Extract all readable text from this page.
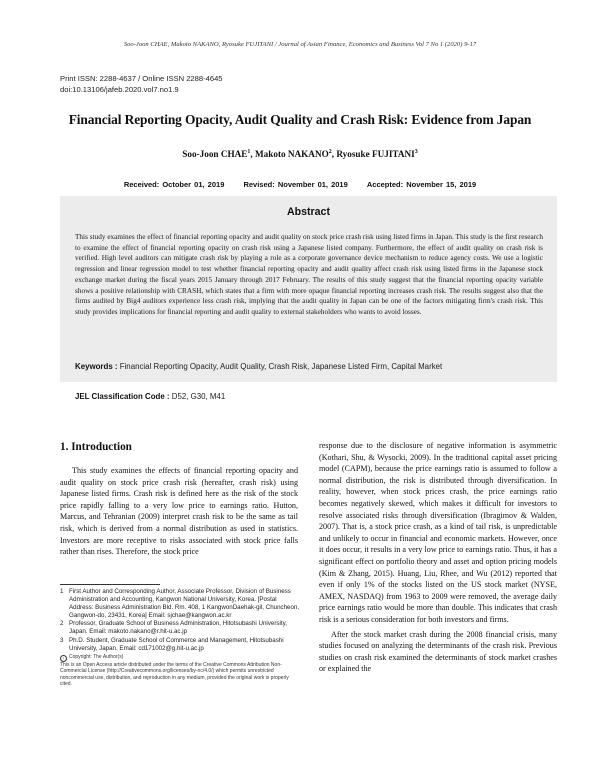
Soo-Joon CHAE, Makoto NAKANO, Ryosuke FUJITANI / Journal of Asian Finance, Economics and Business Vol 7 No 1 (2020) 9-17
Print ISSN: 2288-4637 / Online ISSN 2288-4645
doi:10.13106/jafeb.2020.vol7.no1.9
Financial Reporting Opacity, Audit Quality and Crash Risk: Evidence from Japan
Soo-Joon CHAE$^1$, Makoto NAKANO$^2$, Ryosuke FUJITANI$^3$
Received: October 01, 2019	Revised: November 01, 2019	Accepted: November 15, 2019
Abstract
This study examines the effect of financial reporting opacity and audit quality on stock price crash risk using listed firms in Japan. This study is the first research to examine the effect of financial reporting opacity on crash risk using a Japanese listed company. Furthermore, the effect of audit quality on crash risk is verified. High level auditors can mitigate crash risk by playing a role as a corporate governance device mechanism to reduce agency costs. We use a logistic regression and linear regression model to test whether financial reporting opacity and audit quality affect crash risk using listed firms in the Japanese stock exchange market during the fiscal years 2015 January through 2017 February. The results of this study suggest that the financial reporting opacity variable shows a positive relationship with CRASH, which states that a firm with more opaque financial reporting increases crash risk. The results suggest also that the firms audited by Big4 auditors experience less crash risk, implying that the audit quality in Japan can be one of the factors mitigating firm's crash risk. This study provides implications for financial reporting and audit quality to external stakeholders who wants to avoid losses.
Keywords : Financial Reporting Opacity, Audit Quality, Crash Risk, Japanese Listed Firm, Capital Market
JEL Classification Code : D52, G30, M41
1. Introduction

This study examines the effects of financial reporting opacity and audit quality on stock price crash risk (hereafter, crash risk) using Japanese listed firms. Crash risk is defined here as the risk of the stock price rapidly falling to a very low price to earnings ratio. Hutton, Marcus, and Tehranian (2009) interpret crash risk to be the same as tail risk, which is derived from a normal distribution as used in statistics. Investors are more receptive to risks associated with stock price falls rather than rises. Therefore, the stock price

response due to the disclosure of negative information is asymmetric (Kothari, Shu, & Wysocki, 2009). In the traditional capital asset pricing model (CAPM), because the price earnings ratio is assumed to follow a normal distribution, the risk is distributed through diversification. In reality, however, when stock prices crash, the price earnings ratio becomes negatively skewed, which makes it difficult for investors to resolve associated risks through diversification (Ibragimov & Walden, 2007). That is, a stock price crash, as a kind of tail risk, is unpredictable and unlikely to occur in financial and economic markets. However, once it does occur, it results in a very low price to earnings ratio. Thus, it has a significant effect on portfolio theory and asset and option pricing models (Kim & Zhang, 2015). Huang, Liu, Rhee, and Wu (2012) reported that even if only 1% of the stocks listed on the US stock market (NYSE, AMEX, NASDAQ) from 1963 to 2009 were removed, the average daily price earnings ratio would be more than double. This indicates that crash risk is a serious consideration for both investors and firms.

After the stock market crash during the 2008 financial crisis, many studies focused on analyzing the determinants of the crash risk. Previous studies on crash risk examined the determinants of stock market crashes or explained the

1 First Author and Corresponding Author, Associate Professor, Division of Business Administration and Accounting, Kangwon National University, Korea. [Postal Address: Business Administration Bld. Rm. 408, 1 KangwonDaehak-gil, Chuncheon, Gangwon-do, 23431, Korea] Email: sjchae@kangwon.ac.kr
2 Professor, Graduate School of Business Administration, Hitotsubashi University, Japan. Email: makoto.nakano@r.hit-u.ac.jp
3 Ph.D. Student, Graduate School of Commerce and Management, Hitotsubashi University, Japan. Email: cd171002@g.hit-u.ac.jp
c Copyright: The Author(s)
This is an Open Access article distributed under the terms of the Creative Commons Attribution Non-Commercial License (http://Creativecommons.org/licenses/by-nc/4.0/) which permits unrestricted noncommercial use, distribution, and reproduction in any medium, provided the original work is properly cited.
